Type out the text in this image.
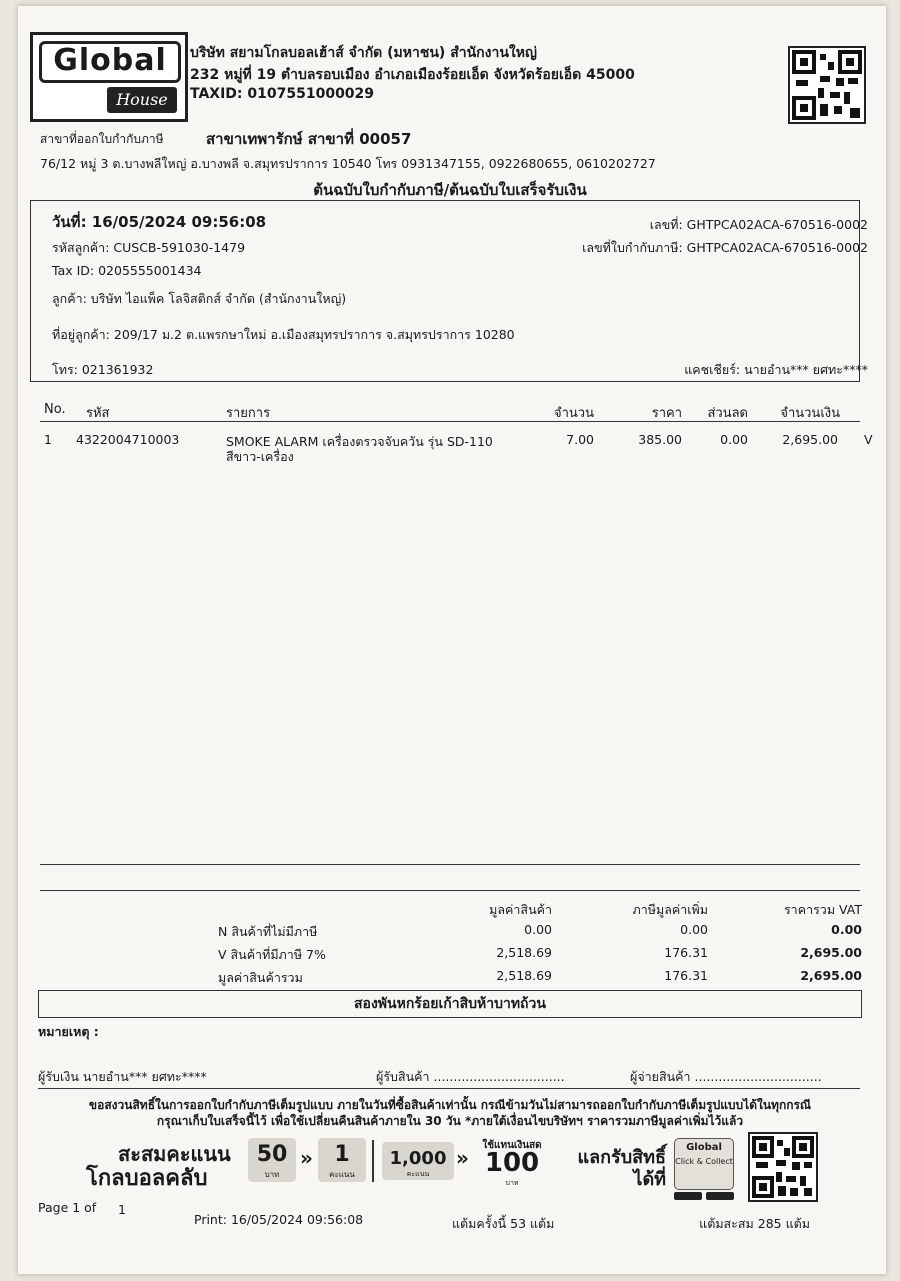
Global
House
บริษัท สยามโกลบอลเฮ้าส์ จำกัด (มหาชน) สำนักงานใหญ่
232 หมู่ที่ 19 ตำบลรอบเมือง อำเภอเมืองร้อยเอ็ด จังหวัดร้อยเอ็ด 45000
TAXID: 0107551000029
สาขาที่ออกใบกำกับภาษี	สาขาเทพารักษ์ สาขาที่ 00057
76/12 หมู่ 3 ต.บางพลีใหญ่ อ.บางพลี จ.สมุทรปราการ 10540 โทร 0931347155, 0922680655, 0610202727
ต้นฉบับใบกำกับภาษี/ต้นฉบับใบเสร็จรับเงิน
วันที่: 16/05/2024 09:56:08
รหัสลูกค้า: CUSCB-591030-1479
Tax ID: 0205555001434
ลูกค้า: บริษัท ไอแพ็ค โลจิสติกส์ จำกัด (สำนักงานใหญ่)
ที่อยู่ลูกค้า: 209/17 ม.2 ต.แพรกษาใหม่ อ.เมืองสมุทรปราการ จ.สมุทรปราการ 10280
โทร: 021361932
เลขที่: GHTPCA02ACA-670516-0002
เลขที่ใบกำกับภาษี: GHTPCA02ACA-670516-0002
แคชเชียร์: นายอำน*** ยศทะ****
No. รหัส	รายการ	จำนวน	ราคา ส่วนลด จำนวนเงิน
1 4322004710003	SMOKE ALARM เครื่องตรวจจับควัน รุ่น SD-110
สีขาว-เครื่อง
7.00	385.00	0.00	2,695.00 V
มูลค่าสินค้า	ภาษีมูลค่าเพิ่ม	ราคารวม VAT
N สินค้าที่ไม่มีภาษี	0.00	0.00	0.00
V สินค้าที่มีภาษี 7%	2,518.69	176.31	2,695.00
มูลค่าสินค้ารวม	2,518.69	176.31	2,695.00
สองพันหกร้อยเก้าสิบห้าบาทถ้วน
หมายเหตุ :
ผู้รับเงิน นายอำน*** ยศทะ****	ผู้รับสินค้า .................................	ผู้จ่ายสินค้า ................................
ขอสงวนสิทธิ์ในการออกใบกำกับภาษีเต็มรูปแบบ ภายในวันที่ซื้อสินค้าเท่านั้น กรณีข้ามวันไม่สามารถออกใบกำกับภาษีเต็มรูปแบบได้ในทุกกรณี
กรุณาเก็บใบเสร็จนี้ไว้ เพื่อใช้เปลี่ยนคืนสินค้าภายใน 30 วัน *ภายใต้เงื่อนไขบริษัทฯ ราคารวมภาษีมูลค่าเพิ่มไว้แล้ว
สะสมคะแนน
โกลบอลคลับ
50
บาท
» 1
คะแนน
1,000
คะแนน
»
ใช้แทนเงินสด
100
บาท
แลกรับสิทธิ์
ได้ที่
Global
Click & Collect
Page 1 of 1
Print: 16/05/2024 09:56:08	แต้มครั้งนี้ 53 แต้ม	แต้มสะสม 285 แต้ม
